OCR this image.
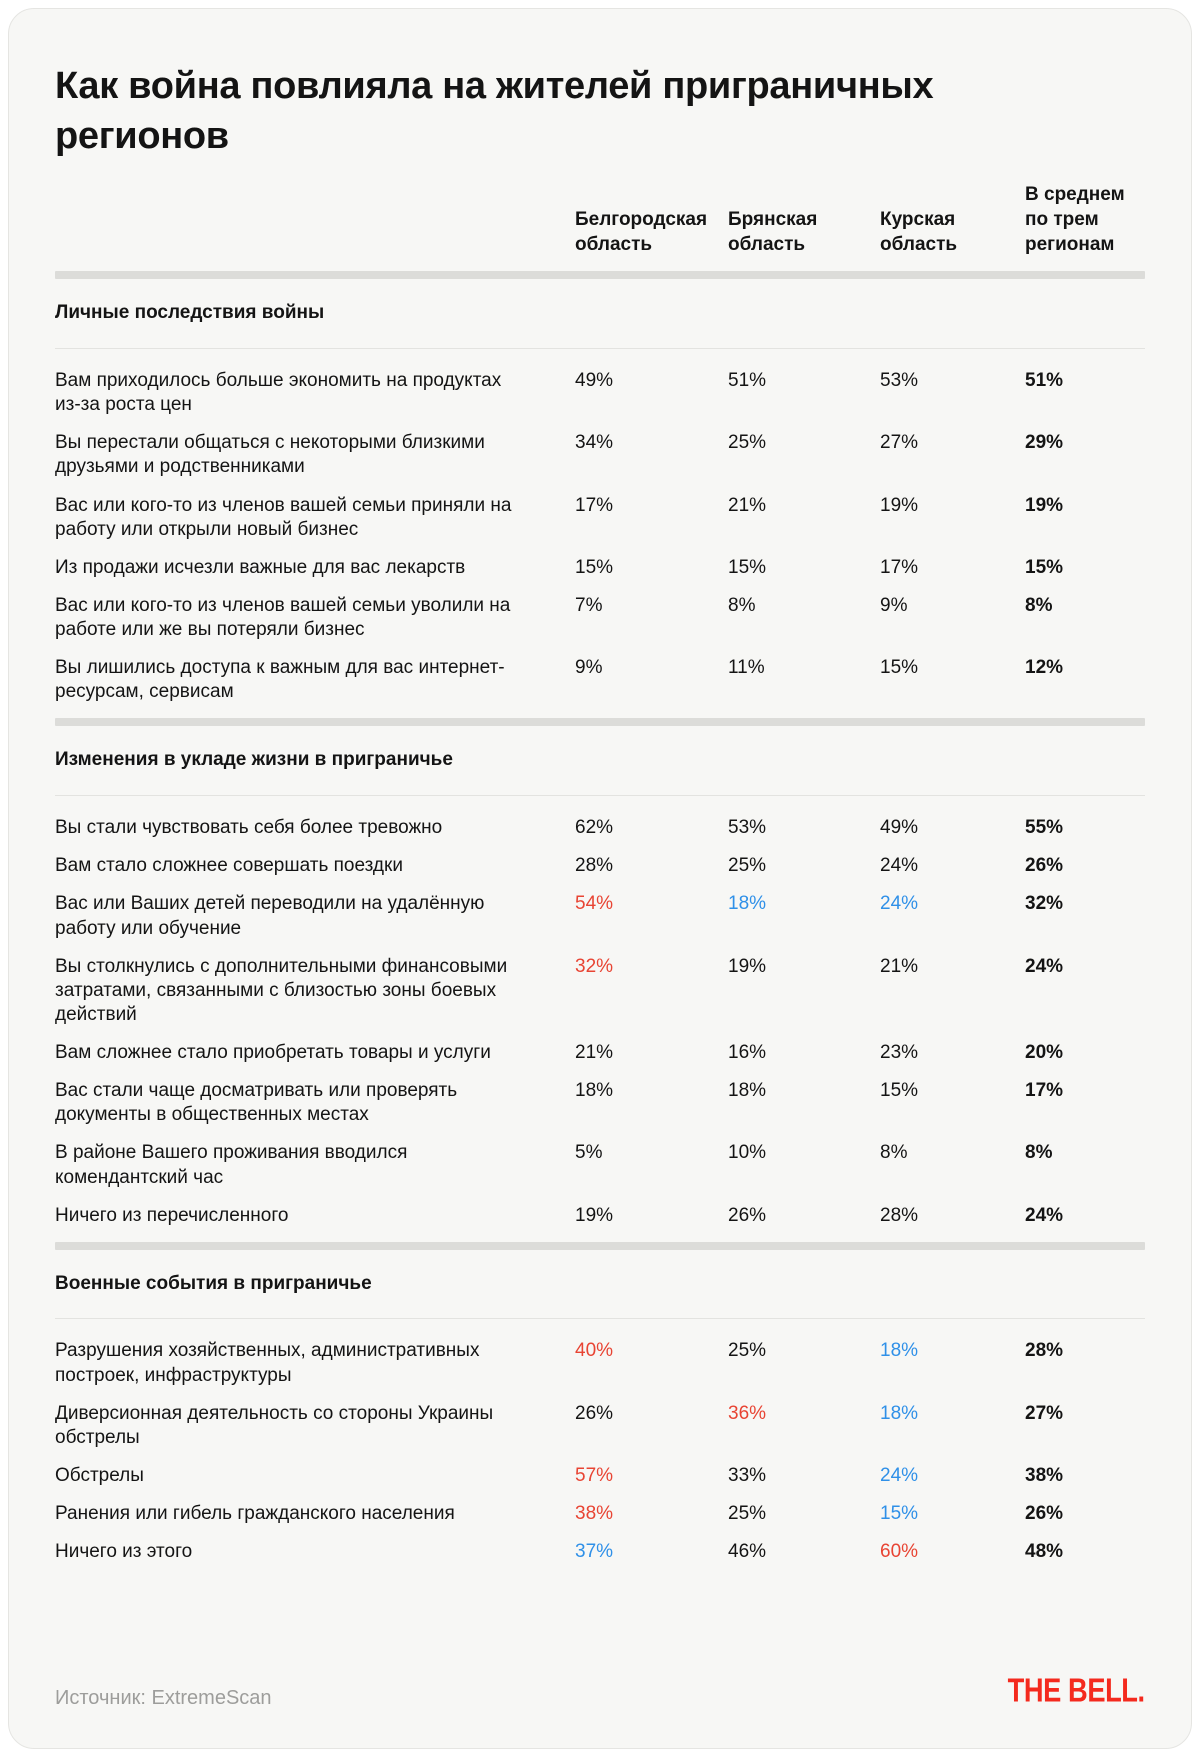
Как война повлияла на жителей приграничных регионов
Белгородская область
Брянская область
Курская область
В среднем по трем регионам
Личные последствия войны
Вам приходилось больше экономить на продуктах из-за роста цен
49%	51%	53%	51%
Вы перестали общаться с некоторыми близкими друзьями и родственниками
34%	25%	27%	29%
Вас или кого-то из членов вашей семьи приняли на работу или открыли новый бизнес
17%	21%	19%	19%
Из продажи исчезли важные для вас лекарств	15%	15%	17%	15%
Вас или кого-то из членов вашей семьи уволили на работе или же вы потеряли бизнес
7%	8%	9%	8%
Вы лишились доступа к важным для вас интернет-ресурсам, сервисам
9%	11%	15%	12%
Изменения в укладе жизни в приграничье
Вы стали чувствовать себя более тревожно	62%	53%	49%	55%
Вам стало сложнее совершать поездки	28%	25%	24%	26%
Вас или Ваших детей переводили на удалённую работу или обучение
54%	18%	24%	32%
Вы столкнулись с дополнительными финансовыми затратами, связанными с близостью зоны боевых действий
32%	19%	21%	24%
Вам сложнее стало приобретать товары и услуги	21%	16%	23%	20%
Вас стали чаще досматривать или проверять документы в общественных местах
18%	18%	15%	17%
В районе Вашего проживания вводился комендантский час
5%	10%	8%	8%
Ничего из перечисленного	19%	26%	28%	24%
Военные события в приграничье
Разрушения хозяйственных, административных построек, инфраструктуры
40%	25%	18%	28%
Диверсионная деятельность со стороны Украины обстрелы
26%	36%	18%	27%
Обстрелы	57%	33%	24%	38%
Ранения или гибель гражданского населения	38%	25%	15%	26%
Ничего из этого	37%	46%	60%	48%
Источник: ExtremeScan	THE BELL.
